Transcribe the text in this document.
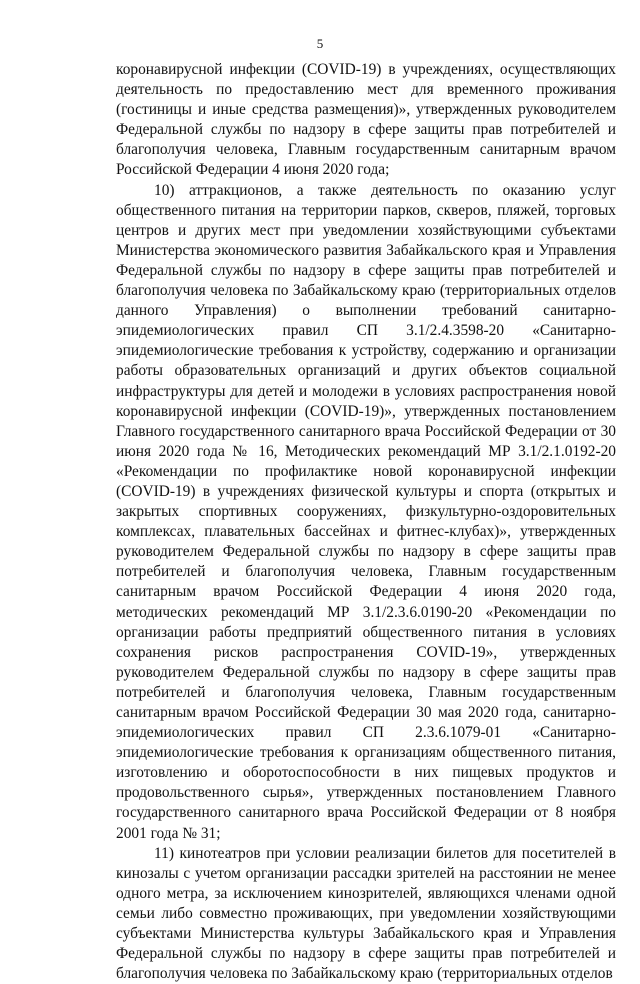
5

коронавирусной инфекции (COVID-19) в учреждениях, осуществляющих деятельность по предоставлению мест для временного проживания (гостиницы и иные средства размещения)», утвержденных руководителем Федеральной службы по надзору в сфере защиты прав потребителей и благополучия человека, Главным государственным санитарным врачом Российской Федерации 4 июня 2020 года;

10) аттракционов, а также деятельность по оказанию услуг общественного питания на территории парков, скверов, пляжей, торговых центров и других мест при уведомлении хозяйствующими субъектами Министерства экономического развития Забайкальского края и Управления Федеральной службы по надзору в сфере защиты прав потребителей и благополучия человека по Забайкальскому краю (территориальных отделов данного Управления) о выполнении требований санитарно-эпидемиологических правил СП 3.1/2.4.3598-20 «Санитарно-эпидемиологические требования к устройству, содержанию и организации работы образовательных организаций и других объектов социальной инфраструктуры для детей и молодежи в условиях распространения новой коронавирусной инфекции (COVID-19)», утвержденных постановлением Главного государственного санитарного врача Российской Федерации от 30 июня 2020 года № 16, Методических рекомендаций МР 3.1/2.1.0192-20 «Рекомендации по профилактике новой коронавирусной инфекции (COVID-19) в учреждениях физической культуры и спорта (открытых и закрытых спортивных сооружениях, физкультурно-оздоровительных комплексах, плавательных бассейнах и фитнес-клубах)», утвержденных руководителем Федеральной службы по надзору в сфере защиты прав потребителей и благополучия человека, Главным государственным санитарным врачом Российской Федерации 4 июня 2020 года, методических рекомендаций МР 3.1/2.3.6.0190-20 «Рекомендации по организации работы предприятий общественного питания в условиях сохранения рисков распространения COVID-19», утвержденных руководителем Федеральной службы по надзору в сфере защиты прав потребителей и благополучия человека, Главным государственным санитарным врачом Российской Федерации 30 мая 2020 года, санитарно-эпидемиологических правил СП 2.3.6.1079-01 «Санитарно-эпидемиологические требования к организациям общественного питания, изготовлению и оборотоспособности в них пищевых продуктов и продовольственного сырья», утвержденных постановлением Главного государственного санитарного врача Российской Федерации от 8 ноября 2001 года № 31;

11) кинотеатров при условии реализации билетов для посетителей в кинозалы с учетом организации рассадки зрителей на расстоянии не менее одного метра, за исключением кинозрителей, являющихся членами одной семьи либо совместно проживающих, при уведомлении хозяйствующими субъектами Министерства культуры Забайкальского края и Управления Федеральной службы по надзору в сфере защиты прав потребителей и благополучия человека по Забайкальскому краю (территориальных отделов
